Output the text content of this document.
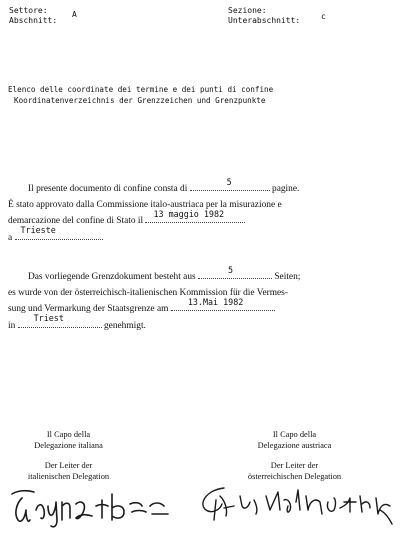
Settore:
Abschnitt:
A	Sezione:
Unterabschnitt:	c
Elenco delle coordinate dei termine e dei punti di confine
Koordinatenverzeichnis der Grenzzeichen und Grenzpunkte
Il presente documento di confine consta di
5
pagine.
È stato approvato dalla Commissione italo-austriaca per la misurazione e
demarcazione del confine di Stato il
13 maggio 1982
a
Trieste
Das vorliegende Grenzdokument besteht aus
5
Seiten;
es wurde von der österreichisch-italienischen Kommission für die Vermes-
sung und Vermarkung der Staatsgrenze am
13.Mai 1982
in
Triest
genehmigt.
Il Capo della
Delegazione italiana
Der Leiter der
italienischen Delegation
Il Capo della
Delegazione austriaca
Der Leiter der
österreichischen Delegation
